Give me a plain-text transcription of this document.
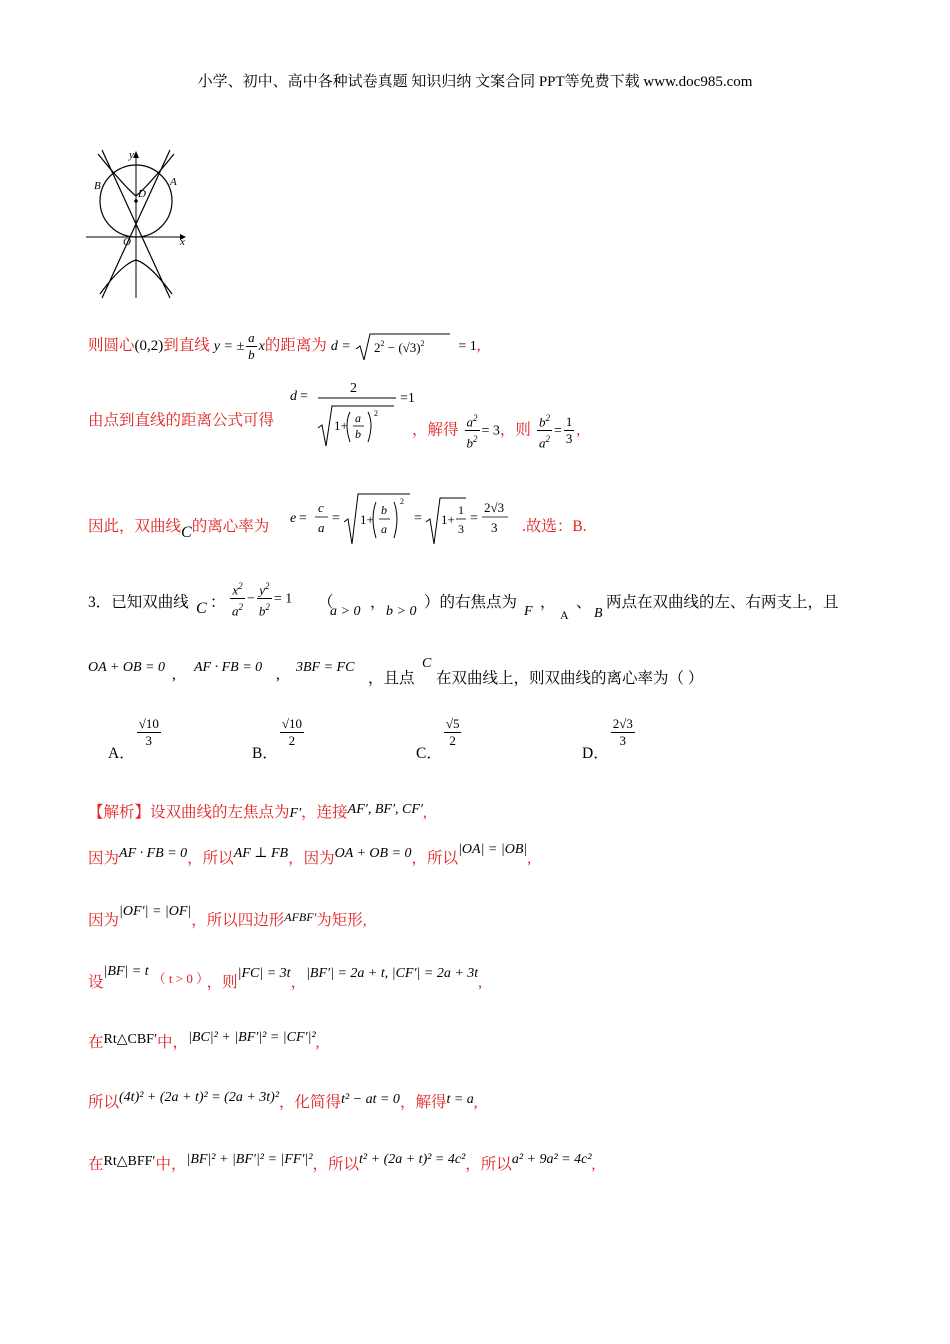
小学、初中、高中各种试卷真题 知识归纳 文案合同 PPT等免费下载 www.doc985.com
y
B
D
A
O	x
则圆心(0,2)到直线 y = ± $\frac{a}{b}$ x的距离为 $d = 2^2 - (√3)^2 = 1$,
由点到直线的距离公式可得
d =
2
1+ a
b
2
=1
，解得 $\frac{a^2}{b^2} = 3$，则 $\frac{b^2}{a^2} = \frac{1}{3}$ ,
因此，双曲线C的离心率为 e =
c
a
= 1+
b
a
2
= 1+
1
3
=
2√3
3 .故选：B.
3．已知双曲线 C ： $\frac{x^2}{a^2} - \frac{y^2}{b^2} = 1$ （
a > 0
，
b > 0
）的右焦点为
F
，
A
、
B
两点在双曲线的左、右两支上，且
OA + OB = 0 , AF · FB = 0 , 3BF = FC
，且点
C
在双曲线上，则双曲线的离心率为（ ）
A．
$\frac{√10}{3}$
B．
$\frac{√10}{2}$
C．
$\frac{√5}{2}$
D．
$\frac{2√3}{3}$
【解析】设双曲线的左焦点为F′，连接AF′, BF′, CF′,
因为AF · FB = 0，所以AF ⊥ FB，因为OA + OB = 0，所以|OA| = |OB|,
因为|OF′| = |OF|，所以四边形$^{AFBF'}$为矩形,
设|BF| = t $^{( t > 0 )}$ ，则|FC| = 3t，|BF′| = 2a + t, |CF′| = 2a + 3t,
在Rt△CBF′中，|BC|² + |BF′|² = |CF′|²,
所以(4t)² + (2a + t)² = (2a + 3t)²，化简得t² − at = 0，解得t = a,
在Rt△BFF′中，|BF|² + |BF′|² = |FF′|²，所以t² + (2a + t)² = 4c²，所以a² + 9a² = 4c²,
